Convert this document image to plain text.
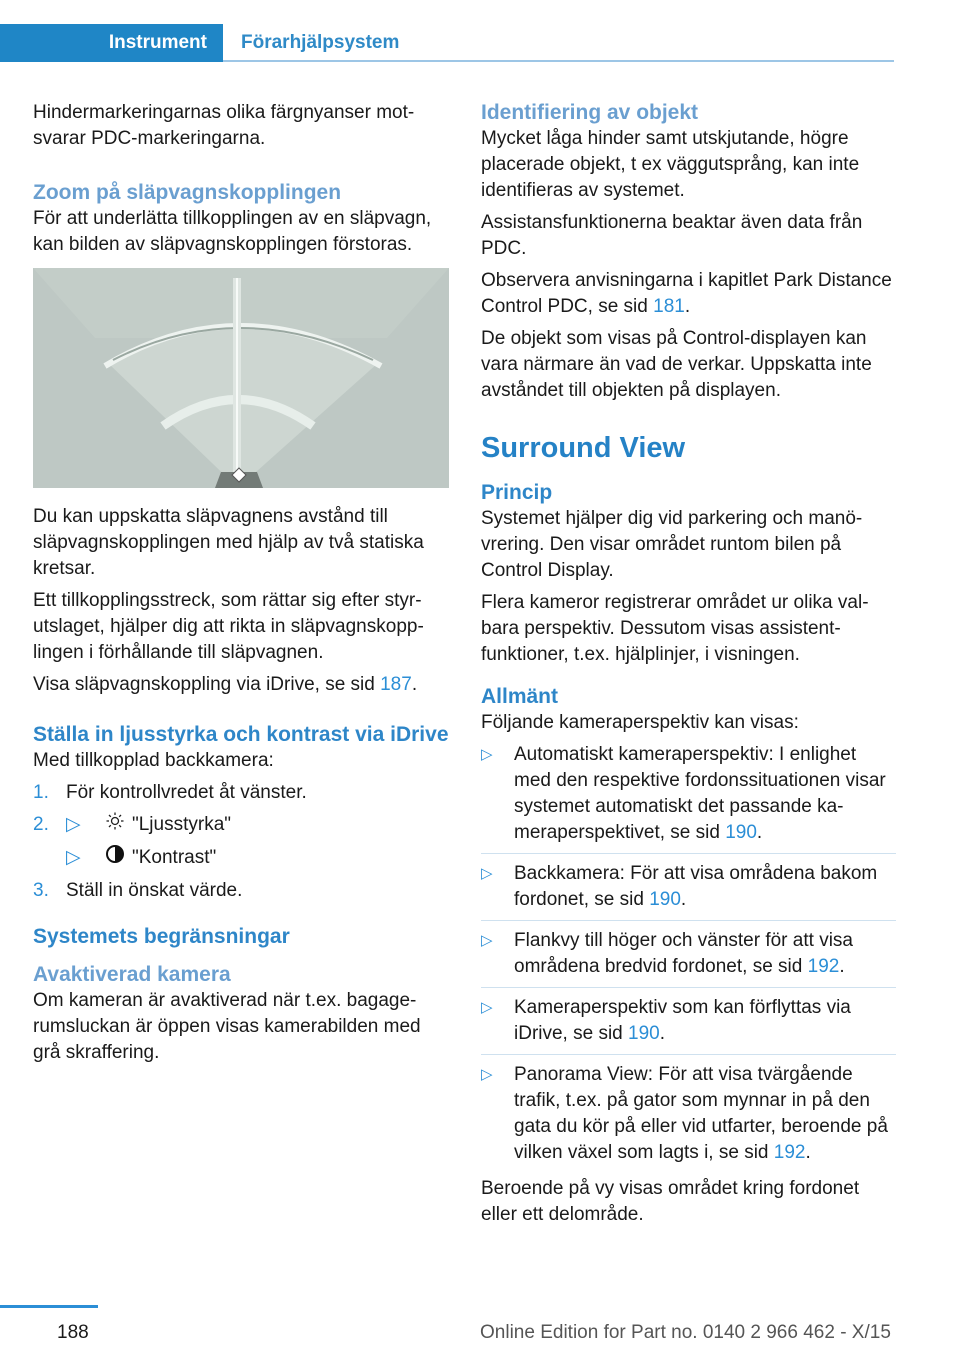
Instrument	Förarhjälpsystem

Hindermarkeringarnas olika färgnyanser motsvarar PDC-markeringarna.

Zoom på släpvagnskopplingen

För att underlätta tillkopplingen av en släpvagn, kan bilden av släpvagnskopplingen förstoras.

Du kan uppskatta släpvagnens avstånd till släpvagnskopplingen med hjälp av två statiska kretsar.

Ett tillkopplingsstreck, som rättar sig efter styrutslaget, hjälper dig att rikta in släpvagnskopplingen i förhållande till släpvagnen.

Visa släpvagnskoppling via iDrive, se sid 187.

Ställa in ljusstyrka och kontrast via iDrive

Med tillkopplad backkamera:

1. För kontrollvredet åt vänster.
2. ▷	"Ljusstyrka"
▷	"Kontrast"
3. Ställ in önskat värde.
Systemets begränsningar
Avaktiverad kamera

Om kameran är avaktiverad när t.ex. bagagerumsluckan är öppen visas kamerabilden med grå skraffering.

Identifiering av objekt

Mycket låga hinder samt utskjutande, högre placerade objekt, t ex väggutsprång, kan inte identifieras av systemet.

Assistansfunktionerna beaktar även data från PDC.

Observera anvisningarna i kapitlet Park Distance Control PDC, se sid 181.

De objekt som visas på Control-displayen kan vara närmare än vad de verkar. Uppskatta inte avståndet till objekten på displayen.

Surround View
Princip

Systemet hjälper dig vid parkering och manövrering. Den visar området runtom bilen på Control Display.

Flera kameror registrerar området ur olika valbara perspektiv. Dessutom visas assistentfunktioner, t.ex. hjälplinjer, i visningen.

Allmänt

Följande kameraperspektiv kan visas:

▷ Automatiskt kameraperspektiv: I enlighet med den respektive fordonssituationen visar systemet automatiskt det passande kameraperspektivet, se sid 190.
▷ Backkamera: För att visa områdena bakom fordonet, se sid 190.
▷ Flankvy till höger och vänster för att visa områdena bredvid fordonet, se sid 192.
▷ Kameraperspektiv som kan förflyttas via iDrive, se sid 190.
▷ Panorama View: För att visa tvärgående trafik, t.ex. på gator som mynnar in på den gata du kör på eller vid utfarter, beroende på vilken växel som lagts i, se sid 192.

Beroende på vy visas området kring fordonet eller ett delområde.

188	Online Edition for Part no. 0140 2 966 462 - X/15
